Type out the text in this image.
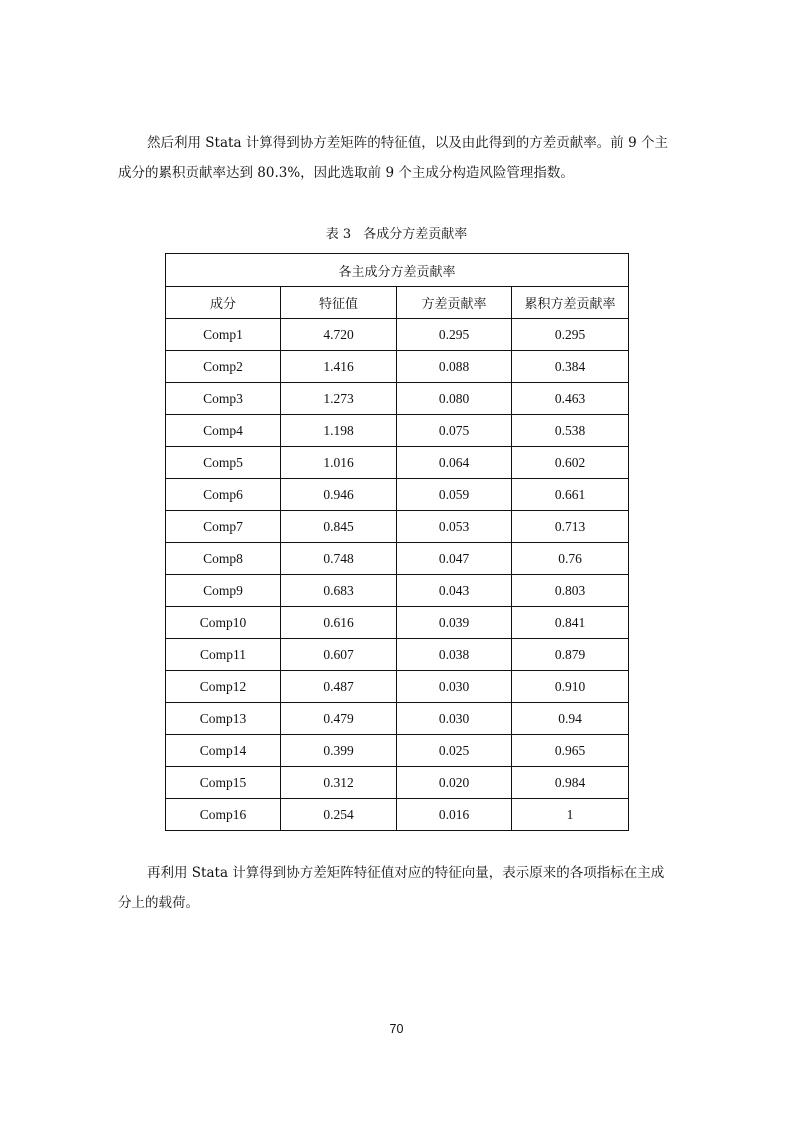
然后利用 Stata 计算得到协方差矩阵的特征值，以及由此得到的方差贡献率。前 9 个主
成分的累积贡献率达到 80.3%，因此选取前 9 个主成分构造风险管理指数。

表 3 各成分方差贡献率
各主成分方差贡献率			
成分	特征值	方差贡献率	累积方差贡献率
Comp1	4.720	0.295	0.295
Comp2	1.416	0.088	0.384
Comp3	1.273	0.080	0.463
Comp4	1.198	0.075	0.538
Comp5	1.016	0.064	0.602
Comp6	0.946	0.059	0.661
Comp7	0.845	0.053	0.713
Comp8	0.748	0.047	0.76
Comp9	0.683	0.043	0.803
Comp10	0.616	0.039	0.841
Comp11	0.607	0.038	0.879
Comp12	0.487	0.030	0.910
Comp13	0.479	0.030	0.94
Comp14	0.399	0.025	0.965
Comp15	0.312	0.020	0.984
Comp16	0.254	0.016	1

再利用 Stata 计算得到协方差矩阵特征值对应的特征向量，表示原来的各项指标在主成
分上的载荷。

70
